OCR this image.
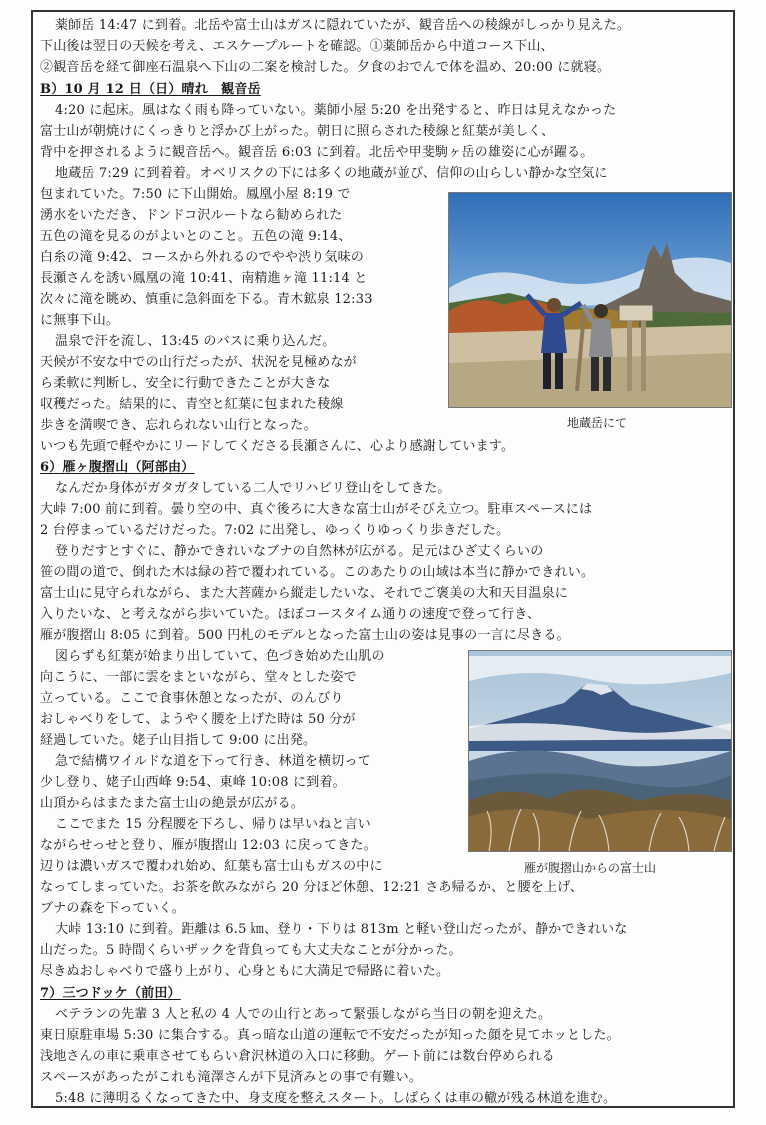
薬師岳 14:47 に到着。北岳や富士山はガスに隠れていたが、観音岳への稜線がしっかり見えた。
下山後は翌日の天候を考え、エスケープルートを確認。①薬師岳から中道コース下山、
②観音岳を経て御座石温泉へ下山の二案を検討した。夕食のおでんで体を温め、20:00 に就寝。
B）10 月 12 日（日）晴れ　観音岳
4:20 に起床。風はなく雨も降っていない。薬師小屋 5:20 を出発すると、昨日は見えなかった
富士山が朝焼けにくっきりと浮かび上がった。朝日に照らされた稜線と紅葉が美しく、
背中を押されるように観音岳へ。観音岳 6:03 に到着。北岳や甲斐駒ヶ岳の雄姿に心が躍る。
地蔵岳 7:29 に到着着。オベリスクの下には多くの地蔵が並び、信仰の山らしい静かな空気に
包まれていた。7:50 に下山開始。鳳凰小屋 8:19 で
湧水をいただき、ドンドコ沢ルートなら勧められた
五色の滝を見るのがよいとのこと。五色の滝 9:14、
白糸の滝 9:42、コースから外れるのでやや渋り気味の
長瀬さんを誘い鳳凰の滝 10:41、南精進ヶ滝 11:14 と
次々に滝を眺め、慎重に急斜面を下る。青木鉱泉 12:33
に無事下山。
温泉で汗を流し、13:45 のバスに乗り込んだ。
天候が不安な中での山行だったが、状況を見極めなが
ら柔軟に判断し、安全に行動できたことが大きな
収穫だった。結果的に、青空と紅葉に包まれた稜線
歩きを満喫でき、忘れられない山行となった。
いつも先頭で軽やかにリードしてくださる長瀬さんに、心より感謝しています。
地蔵岳にて
6）雁ヶ腹摺山（阿部由）
なんだか身体がガタガタしている二人でリハビリ登山をしてきた。
大峠 7:00 前に到着。曇り空の中、真ぐ後ろに大きな富士山がそびえ立つ。駐車スペースには
2 台停まっているだけだった。7:02 に出発し、ゆっくりゆっくり歩きだした。
登りだすとすぐに、静かできれいなブナの自然林が広がる。足元はひざ丈くらいの
笹の間の道で、倒れた木は緑の苔で覆われている。このあたりの山域は本当に静かできれい。
富士山に見守られながら、また大菩薩から縦走したいな、それでご褒美の大和天目温泉に
入りたいな、と考えながら歩いていた。ほぼコースタイム通りの速度で登って行き、
雁が腹摺山 8:05 に到着。500 円札のモデルとなった富士山の姿は見事の一言に尽きる。
図らずも紅葉が始まり出していて、色づき始めた山肌の
向こうに、一部に雲をまといながら、堂々とした姿で
立っている。ここで食事休憩となったが、のんびり
おしゃべりをして、ようやく腰を上げた時は 50 分が
経過していた。姥子山目指して 9:00 に出発。
急で結構ワイルドな道を下って行き、林道を横切って
少し登り、姥子山西峰 9:54、東峰 10:08 に到着。
山頂からはまたまた富士山の絶景が広がる。
ここでまた 15 分程腰を下ろし、帰りは早いねと言い
ながらせっせと登り、雁が腹摺山 12:03 に戻ってきた。
辺りは濃いガスで覆われ始め、紅葉も富士山もガスの中に
なってしまっていた。お茶を飲みながら 20 分ほど休憩、12:21 さあ帰るか、と腰を上げ、
ブナの森を下っていく。
大峠 13:10 に到着。距離は 6.5 ㎞、登り・下りは 813m と軽い登山だったが、静かできれいな
山だった。5 時間くらいザックを背負っても大丈夫なことが分かった。
尽きぬおしゃべりで盛り上がり、心身ともに大満足で帰路に着いた。
雁が腹摺山からの富士山
7）三つドッケ（前田）
ベテランの先輩 3 人と私の 4 人での山行とあって緊張しながら当日の朝を迎えた。
東日原駐車場 5:30 に集合する。真っ暗な山道の運転で不安だったが知った顔を見てホッとした。
浅地さんの車に乗車させてもらい倉沢林道の入口に移動。ゲート前には数台停められる
スペースがあったがこれも滝澤さんが下見済みとの事で有難い。
5:48 に薄明るくなってきた中、身支度を整えスタート。しばらくは車の轍が残る林道を進む。
